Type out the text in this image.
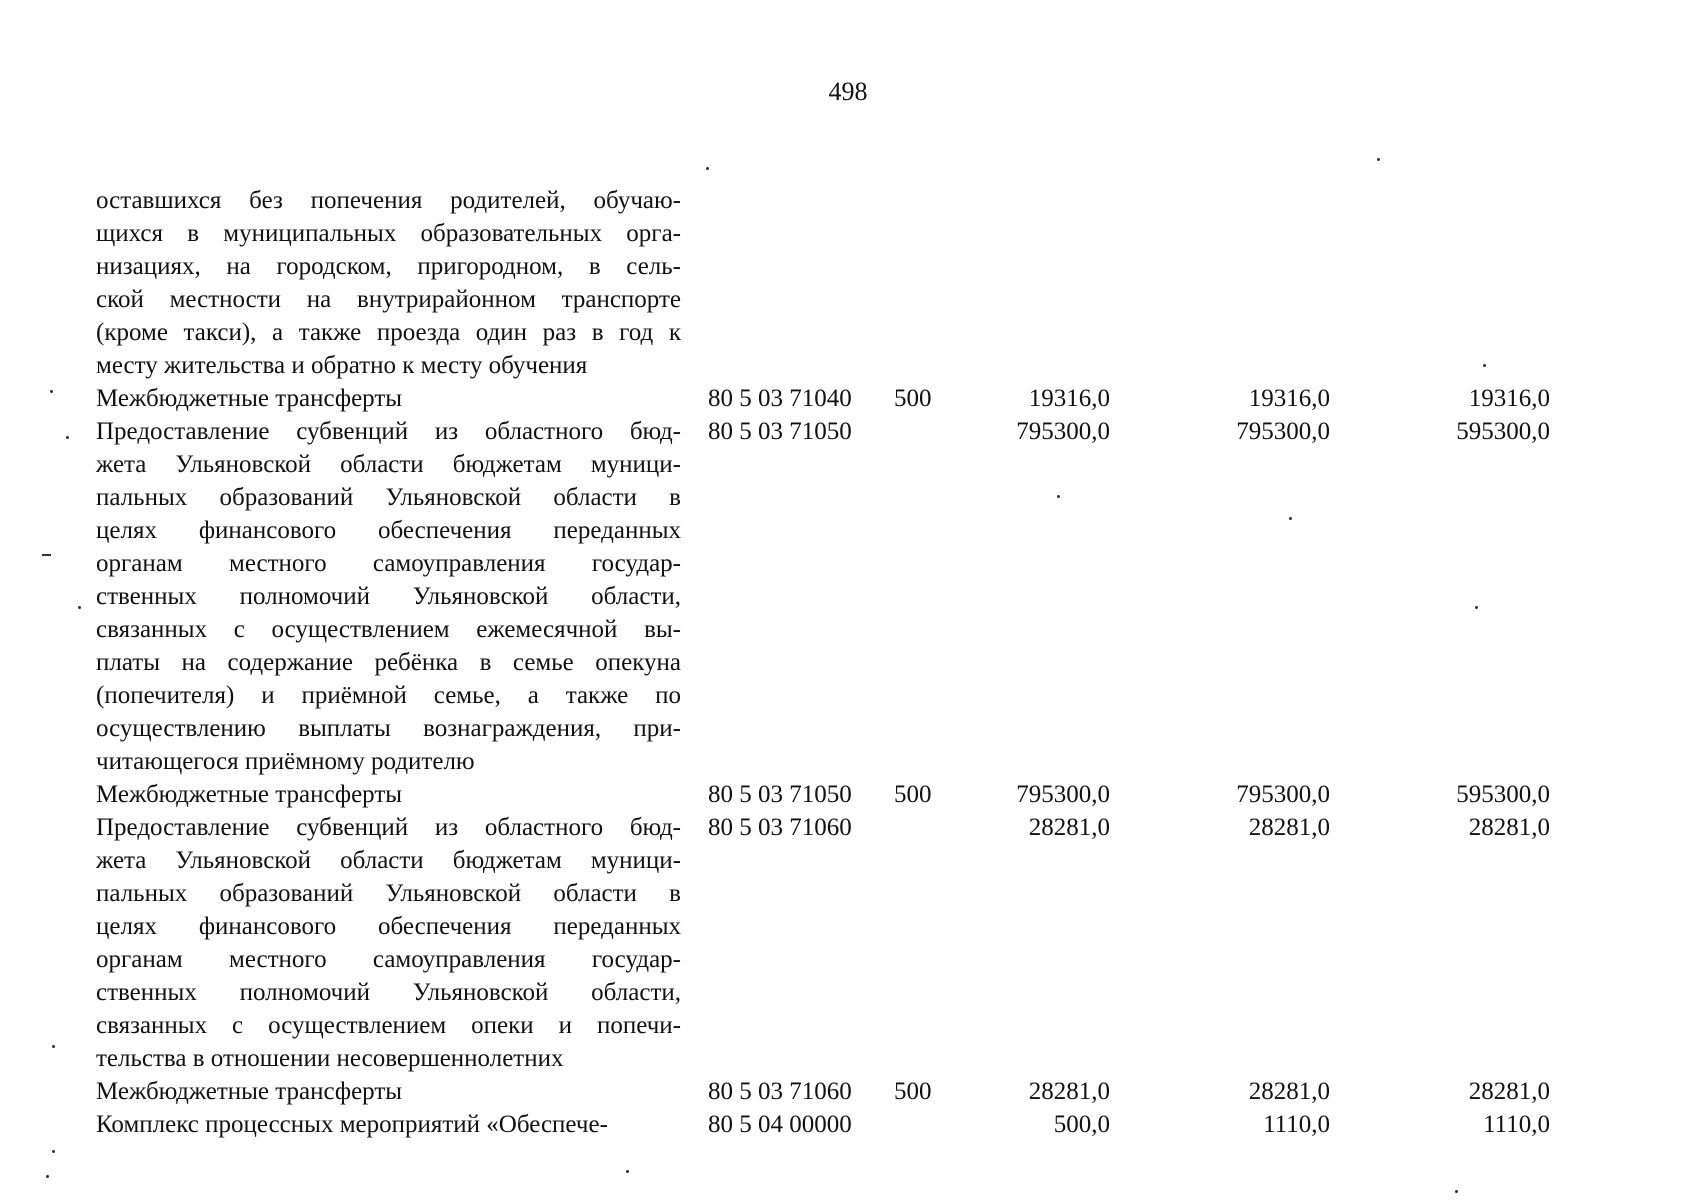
498
оставшихся без попечения родителей, обучаю-
щихся в муниципальных образовательных орга-
низациях, на городском, пригородном, в сель-
ской местности на внутрирайонном транспорте
(кроме такси), а также проезда один раз в год к
месту жительства и обратно к месту обучения
Межбюджетные трансферты	80 5 03 71040 500	19316,0	19316,0	19316,0
Предоставление субвенций из областного бюд-
жета Ульяновской области бюджетам муници-
пальных образований Ульяновской области в
целях финансового обеспечения переданных
органам местного самоуправления государ-
ственных полномочий Ульяновской области,
связанных с осуществлением ежемесячной вы-
платы на содержание ребёнка в семье опекуна
(попечителя) и приёмной семье, а также по
осуществлению выплаты вознаграждения, при-
читающегося приёмному родителю
80 5 03 71050	795300,0	795300,0	595300,0
Межбюджетные трансферты	80 5 03 71050 500	795300,0	795300,0	595300,0
Предоставление субвенций из областного бюд-
жета Ульяновской области бюджетам муници-
пальных образований Ульяновской области в
целях финансового обеспечения переданных
органам местного самоуправления государ-
ственных полномочий Ульяновской области,
связанных с осуществлением опеки и попечи-
тельства в отношении несовершеннолетних
80 5 03 71060	28281,0	28281,0	28281,0
Межбюджетные трансферты	80 5 03 71060 500	28281,0	28281,0	28281,0
Комплекс процессных мероприятий «Обеспече-	80 5 04 00000	500,0	1110,0	1110,0
